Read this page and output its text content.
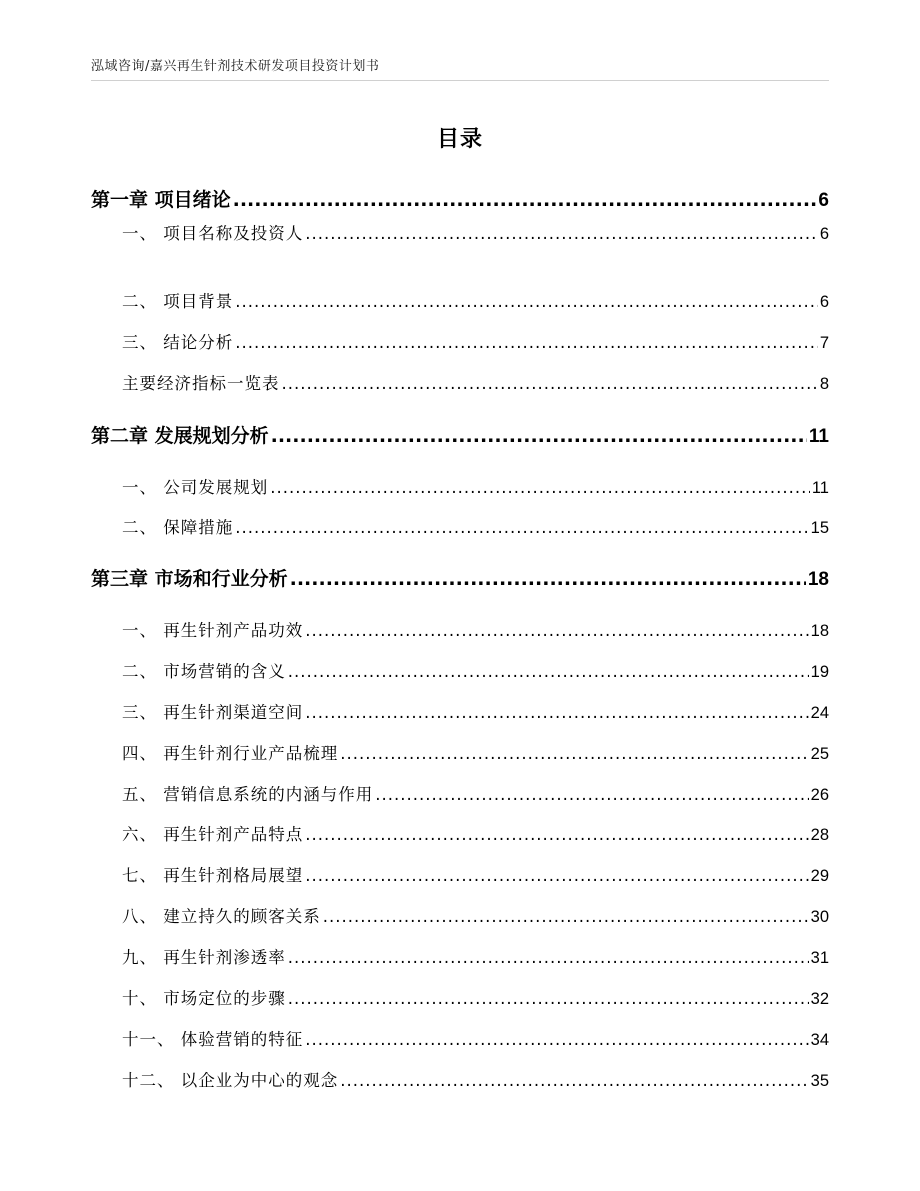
泓域咨询/嘉兴再生针剂技术研发项目投资计划书
目录
第一章 项目绪论 .....	6
一、 项目名称及投资人 .....	6
二、 项目背景 .....	6
三、 结论分析 .....	7
主要经济指标一览表 .....	8
第二章 发展规划分析 .....	11
一、 公司发展规划 .....	11
二、 保障措施 .....	15
第三章 市场和行业分析 .....	18
一、 再生针剂产品功效 .....	18
二、 市场营销的含义 .....	19
三、 再生针剂渠道空间 .....	24
四、 再生针剂行业产品梳理 .....	25
五、 营销信息系统的内涵与作用 .....	26
六、 再生针剂产品特点 .....	28
七、 再生针剂格局展望 .....	29
八、 建立持久的顾客关系 .....	30
九、 再生针剂渗透率 .....	31
十、 市场定位的步骤 .....	32
十一、 体验营销的特征 .....	34
十二、 以企业为中心的观念 .....	35
